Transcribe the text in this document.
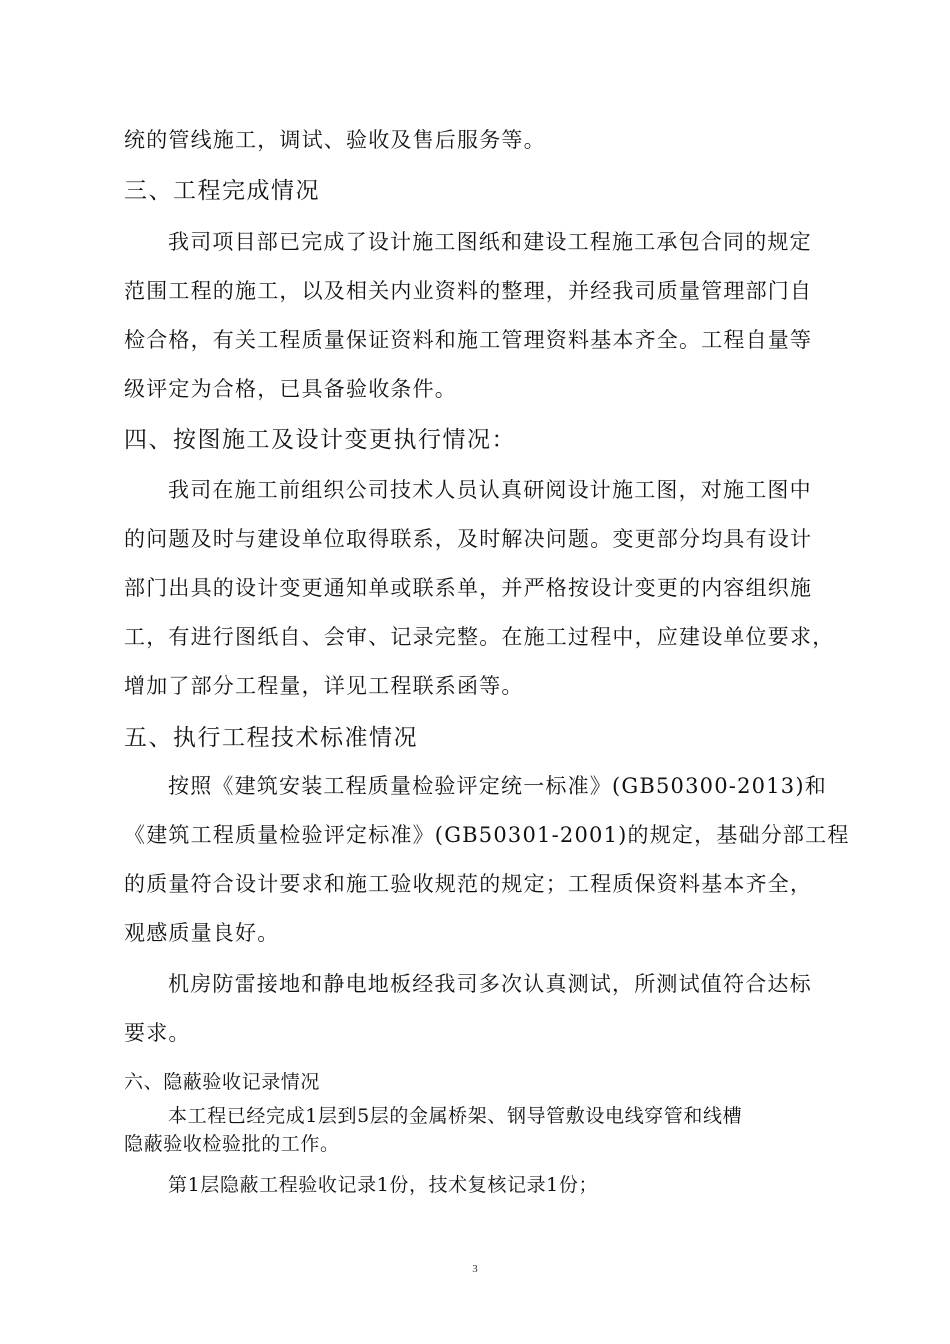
统的管线施工，调试、验收及售后服务等。
三、工程完成情况
我司项目部已完成了设计施工图纸和建设工程施工承包合同的规定
范围工程的施工，以及相关内业资料的整理，并经我司质量管理部门自
检合格，有关工程质量保证资料和施工管理资料基本齐全。工程自量等
级评定为合格，已具备验收条件。
四、按图施工及设计变更执行情况：
我司在施工前组织公司技术人员认真研阅设计施工图，对施工图中
的问题及时与建设单位取得联系，及时解决问题。变更部分均具有设计
部门出具的设计变更通知单或联系单，并严格按设计变更的内容组织施
工，有进行图纸自、会审、记录完整。在施工过程中，应建设单位要求，
增加了部分工程量，详见工程联系函等。
五、执行工程技术标准情况
按照《建筑安装工程质量检验评定统一标准》(GB50300-2013)和
《建筑工程质量检验评定标准》(GB50301-2001)的规定，基础分部工程
的质量符合设计要求和施工验收规范的规定；工程质保资料基本齐全，
观感质量良好。
机房防雷接地和静电地板经我司多次认真测试，所测试值符合达标
要求。
六、隐蔽验收记录情况
本工程已经完成1层到5层的金属桥架、钢导管敷设电线穿管和线槽
隐蔽验收检验批的工作。
第1层隐蔽工程验收记录1份，技术复核记录1份；
3
